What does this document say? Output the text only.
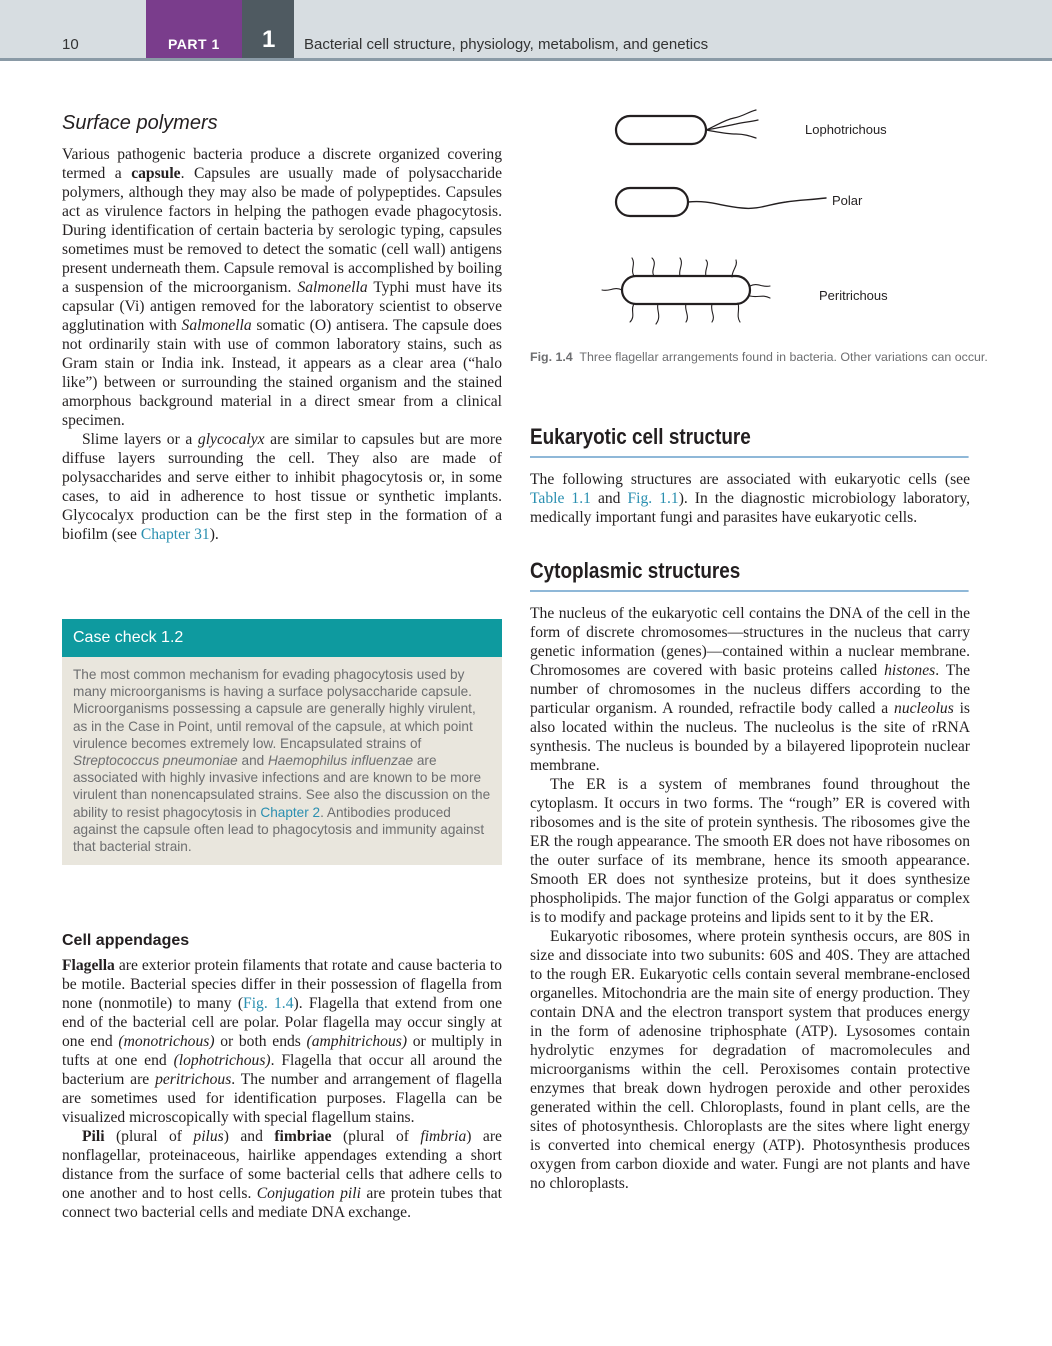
10	PART 1 1 Bacterial cell structure, physiology, metabolism, and genetics
Surface polymers

Various pathogenic bacteria produce a discrete organized covering termed a capsule. Capsules are usually made of polysaccharide polymers, although they may also be made of polypeptides. Capsules act as virulence factors in helping the pathogen evade phagocytosis. During identification of certain bacteria by serologic typing, capsules sometimes must be removed to detect the somatic (cell wall) antigens present underneath them. Capsule removal is accomplished by boiling a suspension of the microorganism. Salmonella Typhi must have its capsular (Vi) antigen removed for the laboratory scientist to observe agglutination with Salmonella somatic (O) antisera. The capsule does not ordinarily stain with use of common laboratory stains, such as Gram stain or India ink. Instead, it appears as a clear area (“halo like”) between or surrounding the stained organism and the stained amorphous background material in a direct smear from a clinical specimen.

Slime layers or a glycocalyx are similar to capsules but are more diffuse layers surrounding the cell. They also are made of polysaccharides and serve either to inhibit phagocytosis or, in some cases, to aid in adherence to host tissue or synthetic implants. Glycocalyx production can be the first step in the formation of a biofilm (see Chapter 31).

Case check 1.2
The most common mechanism for evading phagocytosis used by many microorganisms is having a surface polysaccharide capsule. Microorganisms possessing a capsule are generally highly virulent, as in the Case in Point, until removal of the capsule, at which point virulence becomes extremely low. Encapsulated strains of Streptococcus pneumoniae and Haemophilus influenzae are associated with highly invasive infections and are known to be more virulent than nonencapsulated strains. See also the discussion on the ability to resist phagocytosis in Chapter 2. Antibodies produced against the capsule often lead to phagocytosis and immunity against that bacterial strain.
Cell appendages

Flagella are exterior protein filaments that rotate and cause bacteria to be motile. Bacterial species differ in their possession of flagella from none (nonmotile) to many (Fig. 1.4). Flagella that extend from one end of the bacterial cell are polar. Polar flagella may occur singly at one end (monotrichous) or both ends (amphitrichous) or multiply in tufts at one end (lophotrichous). Flagella that occur all around the bacterium are peritrichous. The number and arrangement of flagella are sometimes used for identification purposes. Flagella can be visualized microscopically with special flagellum stains.

Pili (plural of pilus) and fimbriae (plural of fimbria) are nonflagellar, proteinaceous, hairlike appendages extending a short distance from the surface of some bacterial cells that adhere cells to one another and to host cells. Conjugation pili are protein tubes that connect two bacterial cells and mediate DNA exchange.

Lophotrichous
Polar
Peritrichous
Fig. 1.4 Three flagellar arrangements found in bacteria. Other variations can occur.
Eukaryotic cell structure

The following structures are associated with eukaryotic cells (see Table 1.1 and Fig. 1.1). In the diagnostic microbiology laboratory, medically important fungi and parasites have eukaryotic cells.

Cytoplasmic structures

The nucleus of the eukaryotic cell contains the DNA of the cell in the form of discrete chromosomes—structures in the nucleus that carry genetic information (genes)—contained within a nuclear membrane. Chromosomes are covered with basic proteins called histones. The number of chromosomes in the nucleus differs according to the particular organism. A rounded, refractile body called a nucleolus is also located within the nucleus. The nucleolus is the site of rRNA synthesis. The nucleus is bounded by a bilayered lipoprotein nuclear membrane.

The ER is a system of membranes found throughout the cytoplasm. It occurs in two forms. The “rough” ER is covered with ribosomes and is the site of protein synthesis. The ribosomes give the ER the rough appearance. The smooth ER does not have ribosomes on the outer surface of its membrane, hence its smooth appearance. Smooth ER does not synthesize proteins, but it does synthesize phospholipids. The major function of the Golgi apparatus or complex is to modify and package proteins and lipids sent to it by the ER.

Eukaryotic ribosomes, where protein synthesis occurs, are 80S in size and dissociate into two subunits: 60S and 40S. They are attached to the rough ER. Eukaryotic cells contain several membrane-enclosed organelles. Mitochondria are the main site of energy production. They contain DNA and the electron transport system that produces energy in the form of adenosine triphosphate (ATP). Lysosomes contain hydrolytic enzymes for degradation of macromolecules and microorganisms within the cell. Peroxisomes contain protective enzymes that break down hydrogen peroxide and other peroxides generated within the cell. Chloroplasts, found in plant cells, are the sites of photosynthesis. Chloroplasts are the sites where light energy is converted into chemical energy (ATP). Photosynthesis produces oxygen from carbon dioxide and water. Fungi are not plants and have no chloroplasts.
